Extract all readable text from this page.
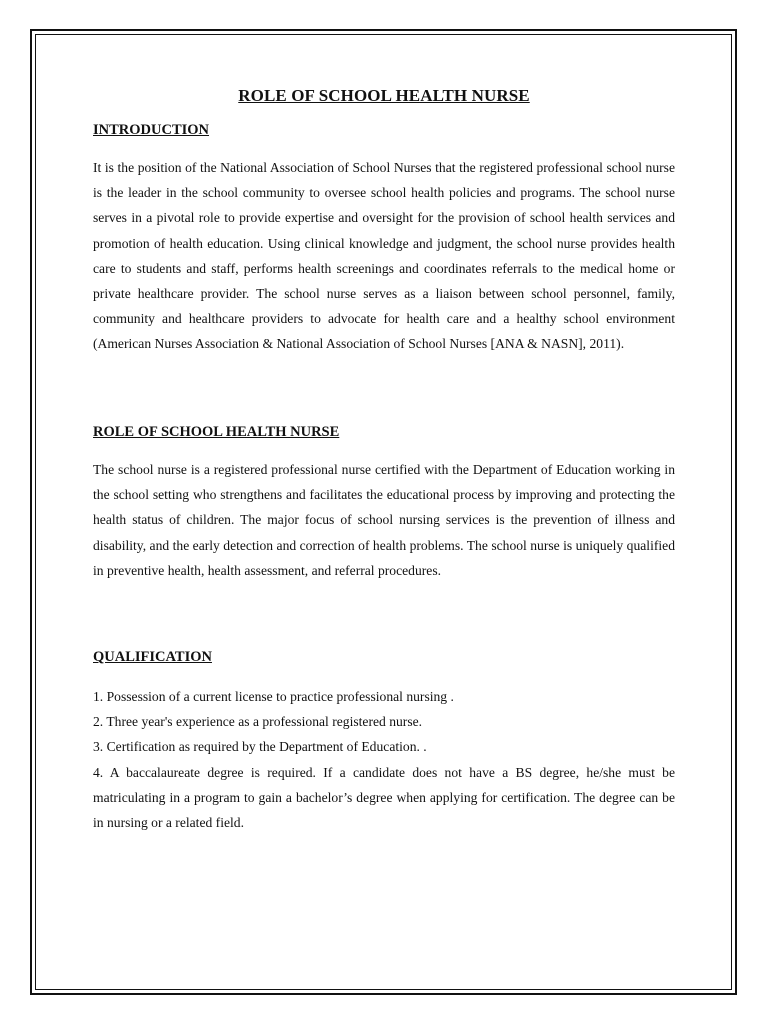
ROLE OF SCHOOL HEALTH NURSE
INTRODUCTION

It is the position of the National Association of School Nurses that the registered professional school nurse is the leader in the school community to oversee school health policies and programs. The school nurse serves in a pivotal role to provide expertise and oversight for the provision of school health services and promotion of health education. Using clinical knowledge and judgment, the school nurse provides health care to students and staff, performs health screenings and coordinates referrals to the medical home or private healthcare provider. The school nurse serves as a liaison between school personnel, family, community and healthcare providers to advocate for health care and a healthy school environment (American Nurses Association & National Association of School Nurses [ANA & NASN], 2011).

ROLE OF SCHOOL HEALTH NURSE

The school nurse is a registered professional nurse certified with the Department of Education working in the school setting who strengthens and facilitates the educational process by improving and protecting the health status of children. The major focus of school nursing services is the prevention of illness and disability, and the early detection and correction of health problems. The school nurse is uniquely qualified in preventive health, health assessment, and referral procedures.

QUALIFICATION
1. Possession of a current license to practice professional nursing .
2. Three year's experience as a professional registered nurse.
3. Certification as required by the Department of Education. .
4. A baccalaureate degree is required. If a candidate does not have a BS degree, he/she must be matriculating in a program to gain a bachelor’s degree when applying for certification. The degree can be in nursing or a related field.
